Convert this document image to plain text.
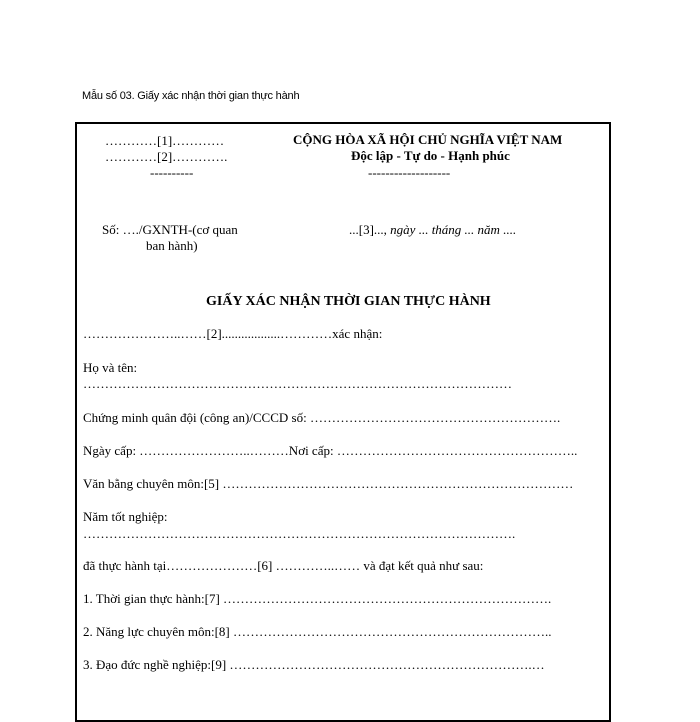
Mẫu số 03. Giấy xác nhận thời gian thực hành
…………[1]…………
…………[2]………….
----------
CỘNG HÒA XÃ HỘI CHỦ NGHĨA VIỆT NAM
Độc lập - Tự do - Hạnh phúc
-------------------
Số: …./GXNTH-(cơ quan
ban hành)
...[3]..., ngày ... tháng ... năm ....
GIẤY XÁC NHẬN THỜI GIAN THỰC HÀNH
…………………..……[2]..................…………xác nhận:
Họ và tên:
………………………………………………………………………………………
Chứng minh quân đội (công an)/CCCD số: ………………………………………………….
Ngày cấp: ……………………..………Nơi cấp: ………………………………………………..
Văn bằng chuyên môn:[5] ………………………………………………………………………
Năm tốt nghiệp:
……………………………………………………………………………………….
đã thực hành tại…………………[6] …………..…… và đạt kết quả như sau:
1. Thời gian thực hành:[7] ………………………………………………………………….
2. Năng lực chuyên môn:[8] ………………………………………………………………..
3. Đạo đức nghề nghiệp:[9] …………………………………………………………….…
